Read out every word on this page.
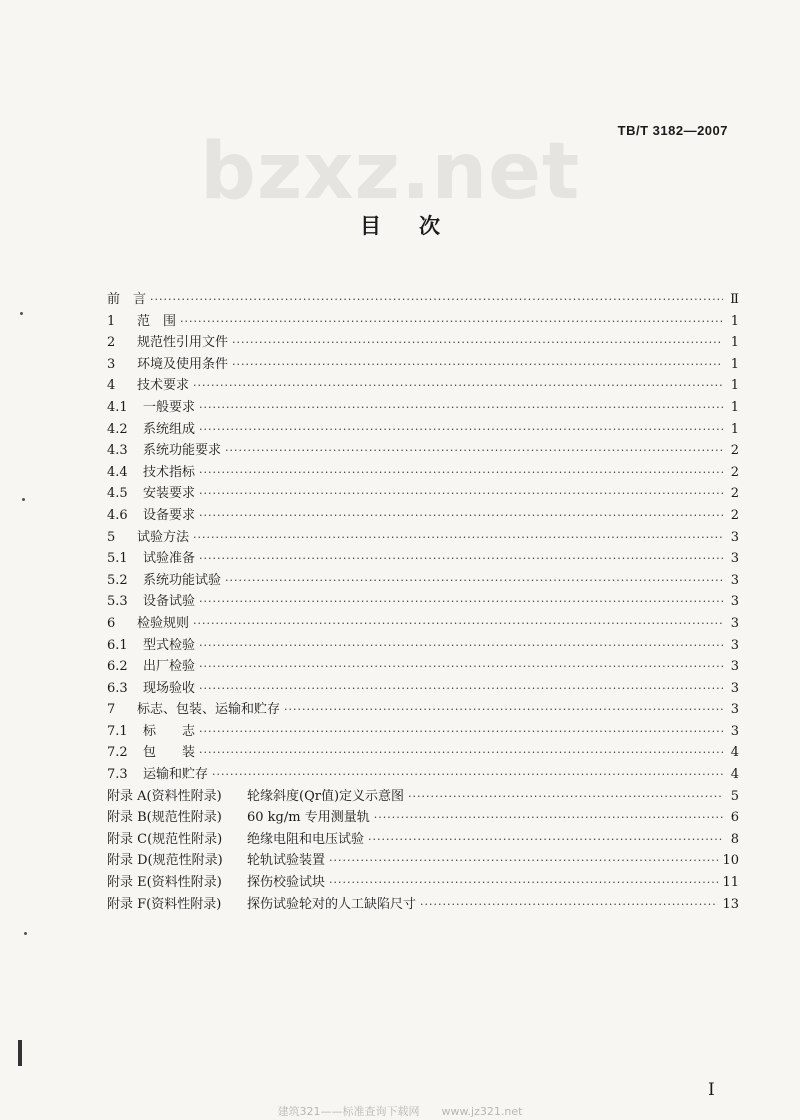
bzxz.net	TB/T 3182—2007
目 次
前　言 ·····	Ⅱ
1	范　围 ·····	1
2	规范性引用文件 ·····	1
3	环境及使用条件 ·····	1
4	技术要求 ·····	1
4.1	一般要求 ·····	1
4.2	系统组成 ·····	1
4.3	系统功能要求 ·····	2
4.4	技术指标 ·····	2
4.5	安装要求 ·····	2
4.6	设备要求 ·····	2
5	试验方法 ·····	3
5.1	试验准备 ·····	3
5.2	系统功能试验 ·····	3
5.3	设备试验 ·····	3
6	检验规则 ·····	3
6.1	型式检验 ·····	3
6.2	出厂检验 ·····	3
6.3	现场验收 ·····	3
7	标志、包装、运输和贮存 ·····	3
7.1	标　　志 ·····	3
7.2	包　　装 ·····	4
7.3	运输和贮存 ·····	4
附录 A(资料性附录)	轮缘斜度(Qr值)定义示意图 ·····	5
附录 B(规范性附录)	60 kg/m 专用测量轨 ·····	6
附录 C(规范性附录)	绝缘电阻和电压试验 ·····	8
附录 D(规范性附录)	轮轨试验装置 ·····	10
附录 E(资料性附录)	探伤校验试块 ·····	11
附录 F(资料性附录)	探伤试验轮对的人工缺陷尺寸 ·····	13
I
建筑321——标准查询下载网　　www.jz321.net
